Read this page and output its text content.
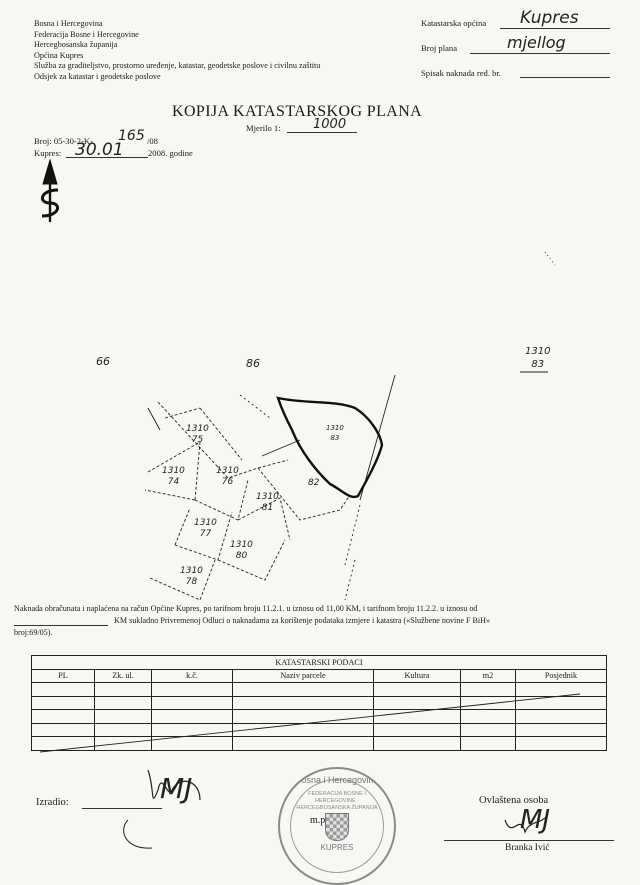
Bosna i Hercegovina
Federacija Bosne i Hercegovine
Hercegbosanska županija
Općina Kupres
Služba za graditeljstvo, prostorno uređenje, katastar, geodetske poslove i civilnu zaštitu
Odsjek za katastar i geodetske poslove
Katastarska općina Kupres
Broj plana	mjellog
Spisak naknada red. br.
KOPIJA KATASTARSKOG PLANA
Mjerilo 1: 1000
Broj: 05-30-2-K- 165 /08
Kupres: 30.01	2008. godine
66	86
1310
83
1310
75
1310
74
1310
76
1310
81
1310
77
1310
80
1310
78
1310
83
82
Naknada obračunata i naplaćena na račun Općine Kupres, po tarifnom broju 11.2.1. u iznosu od 11,00 KM, i tarifnom broju 11.2.2. u iznosu od
KM sukladno Privremenoj Odluci o naknadama za korištenje podataka izmjere i katastra («Službene novine F BiH»
broj:69/05).
KATASTARSKI PODACI						
PL	Zk. ul.	k.č.	Naziv parcele	Kultura	m2	Posjednik

Izradio:	MJ	Bosna i Hercegovina
FEDERACIJA BOSNE I HERCEGOVINE · HERCEGBOSANSKA ŽUPANIJA
KUPRES
m.p
Ovlaštena osoba
MJ
Branka Ivić
